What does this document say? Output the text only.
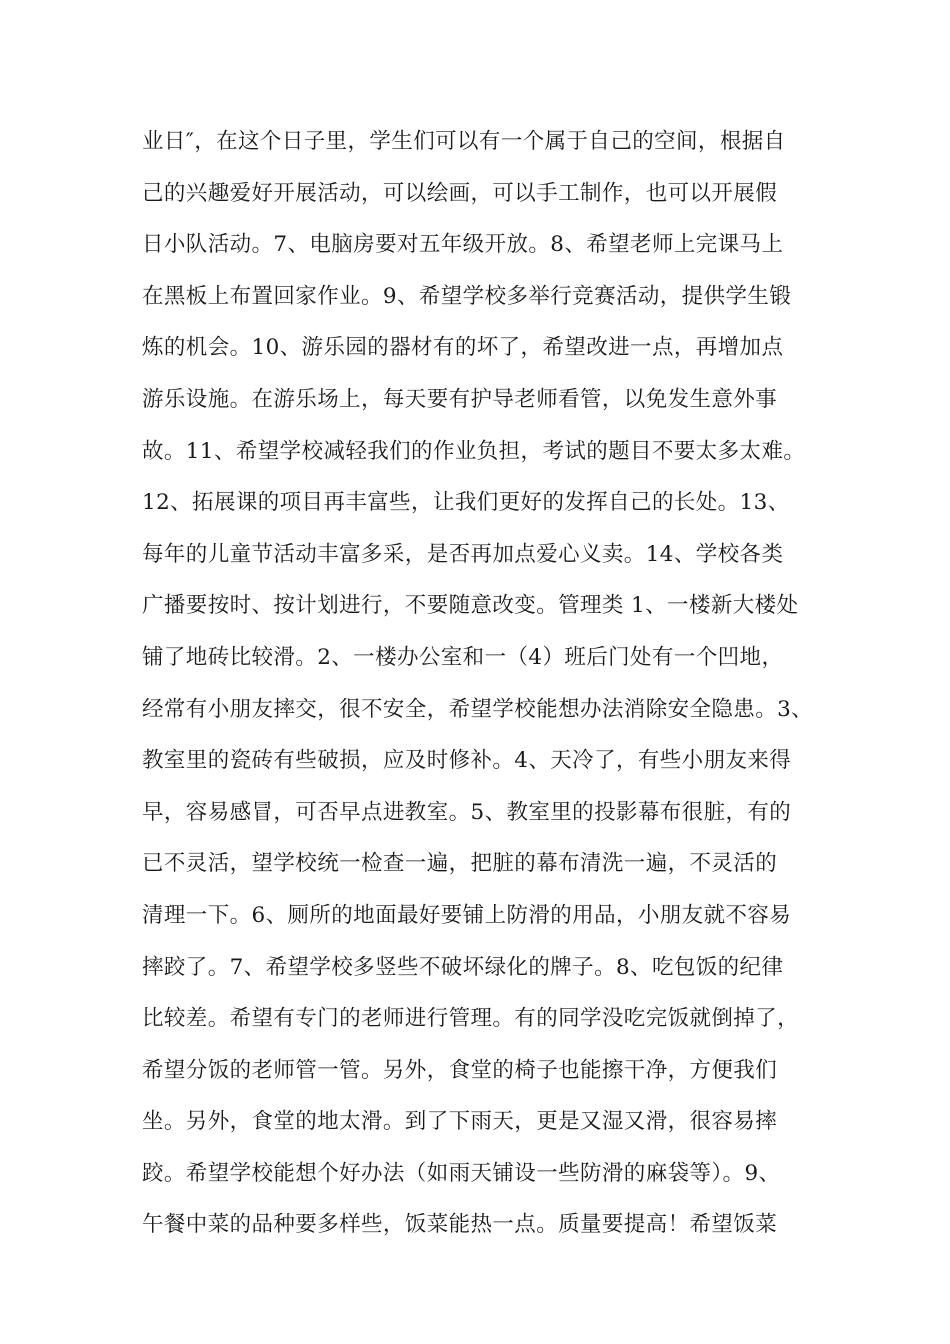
业日″，在这个日子里，学生们可以有一个属于自己的空间，根据自
己的兴趣爱好开展活动，可以绘画，可以手工制作，也可以开展假
日小队活动。7、电脑房要对五年级开放。8、希望老师上完课马上
在黑板上布置回家作业。9、希望学校多举行竞赛活动，提供学生锻
炼的机会。10、游乐园的器材有的坏了，希望改进一点，再增加点
游乐设施。在游乐场上，每天要有护导老师看管，以免发生意外事
故。11、希望学校减轻我们的作业负担，考试的题目不要太多太难。
12、拓展课的项目再丰富些，让我们更好的发挥自己的长处。13、
每年的儿童节活动丰富多采，是否再加点爱心义卖。14、学校各类
广播要按时、按计划进行，不要随意改变。管理类 1、一楼新大楼处
铺了地砖比较滑。2、一楼办公室和一（4）班后门处有一个凹地，
经常有小朋友摔交，很不安全，希望学校能想办法消除安全隐患。3、
教室里的瓷砖有些破损，应及时修补。4、天冷了，有些小朋友来得
早，容易感冒，可否早点进教室。5、教室里的投影幕布很脏，有的
已不灵活，望学校统一检查一遍，把脏的幕布清洗一遍，不灵活的
清理一下。6、厕所的地面最好要铺上防滑的用品，小朋友就不容易
摔跤了。7、希望学校多竖些不破坏绿化的牌子。8、吃包饭的纪律
比较差。希望有专门的老师进行管理。有的同学没吃完饭就倒掉了，
希望分饭的老师管一管。另外，食堂的椅子也能擦干净，方便我们
坐。另外，食堂的地太滑。到了下雨天，更是又湿又滑，很容易摔
跤。希望学校能想个好办法（如雨天铺设一些防滑的麻袋等）。9、
午餐中菜的品种要多样些，饭菜能热一点。质量要提高！希望饭菜
